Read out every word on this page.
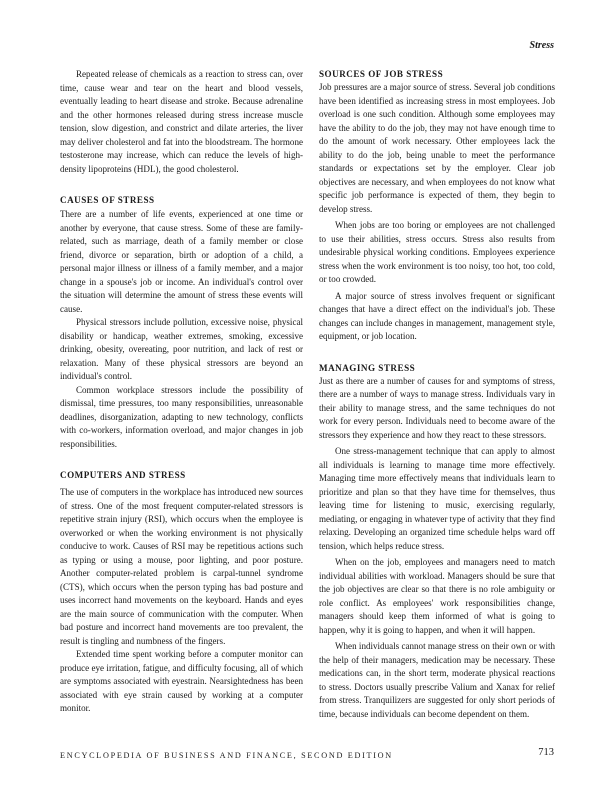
Stress

Repeated release of chemicals as a reaction to stress can, over time, cause wear and tear on the heart and blood vessels, eventually leading to heart disease and stroke. Because adrenaline and the other hormones released during stress increase muscle tension, slow digestion, and constrict and dilate arteries, the liver may deliver cholesterol and fat into the bloodstream. The hormone testosterone may increase, which can reduce the levels of high-density lipoproteins (HDL), the good cholesterol.

CAUSES OF STRESS

There are a number of life events, experienced at one time or another by everyone, that cause stress. Some of these are family-related, such as marriage, death of a family member or close friend, divorce or separation, birth or adoption of a child, a personal major illness or illness of a family member, and a major change in a spouse's job or income. An individual's control over the situation will determine the amount of stress these events will cause.

Physical stressors include pollution, excessive noise, physical disability or handicap, weather extremes, smoking, excessive drinking, obesity, overeating, poor nutrition, and lack of rest or relaxation. Many of these physical stressors are beyond an individual's control.

Common workplace stressors include the possibility of dismissal, time pressures, too many responsibilities, unreasonable deadlines, disorganization, adapting to new technology, conflicts with co-workers, information overload, and major changes in job responsibilities.

COMPUTERS AND STRESS

The use of computers in the workplace has introduced new sources of stress. One of the most frequent computer-related stressors is repetitive strain injury (RSI), which occurs when the employee is overworked or when the working environment is not physically conducive to work. Causes of RSI may be repetitious actions such as typing or using a mouse, poor lighting, and poor posture. Another computer-related problem is carpal-tunnel syndrome (CTS), which occurs when the person typing has bad posture and uses incorrect hand movements on the keyboard. Hands and eyes are the main source of communication with the computer. When bad posture and incorrect hand movements are too prevalent, the result is tingling and numbness of the fingers.

Extended time spent working before a computer monitor can produce eye irritation, fatigue, and difficulty focusing, all of which are symptoms associated with eyestrain. Nearsightedness has been associated with eye strain caused by working at a computer monitor.

SOURCES OF JOB STRESS

Job pressures are a major source of stress. Several job conditions have been identified as increasing stress in most employees. Job overload is one such condition. Although some employees may have the ability to do the job, they may not have enough time to do the amount of work necessary. Other employees lack the ability to do the job, being unable to meet the performance standards or expectations set by the employer. Clear job objectives are necessary, and when employees do not know what specific job performance is expected of them, they begin to develop stress.

When jobs are too boring or employees are not challenged to use their abilities, stress occurs. Stress also results from undesirable physical working conditions. Employees experience stress when the work environment is too noisy, too hot, too cold, or too crowded.

A major source of stress involves frequent or significant changes that have a direct effect on the individual's job. These changes can include changes in management, management style, equipment, or job location.

MANAGING STRESS

Just as there are a number of causes for and symptoms of stress, there are a number of ways to manage stress. Individuals vary in their ability to manage stress, and the same techniques do not work for every person. Individuals need to become aware of the stressors they experience and how they react to these stressors.

One stress-management technique that can apply to almost all individuals is learning to manage time more effectively. Managing time more effectively means that individuals learn to prioritize and plan so that they have time for themselves, thus leaving time for listening to music, exercising regularly, mediating, or engaging in whatever type of activity that they find relaxing. Developing an organized time schedule helps ward off tension, which helps reduce stress.

When on the job, employees and managers need to match individual abilities with workload. Managers should be sure that the job objectives are clear so that there is no role ambiguity or role conflict. As employees' work responsibilities change, managers should keep them informed of what is going to happen, why it is going to happen, and when it will happen.

When individuals cannot manage stress on their own or with the help of their managers, medication may be necessary. These medications can, in the short term, moderate physical reactions to stress. Doctors usually prescribe Valium and Xanax for relief from stress. Tranquilizers are suggested for only short periods of time, because individuals can become dependent on them.

ENCYCLOPEDIA OF BUSINESS AND FINANCE, SECOND EDITION	713
